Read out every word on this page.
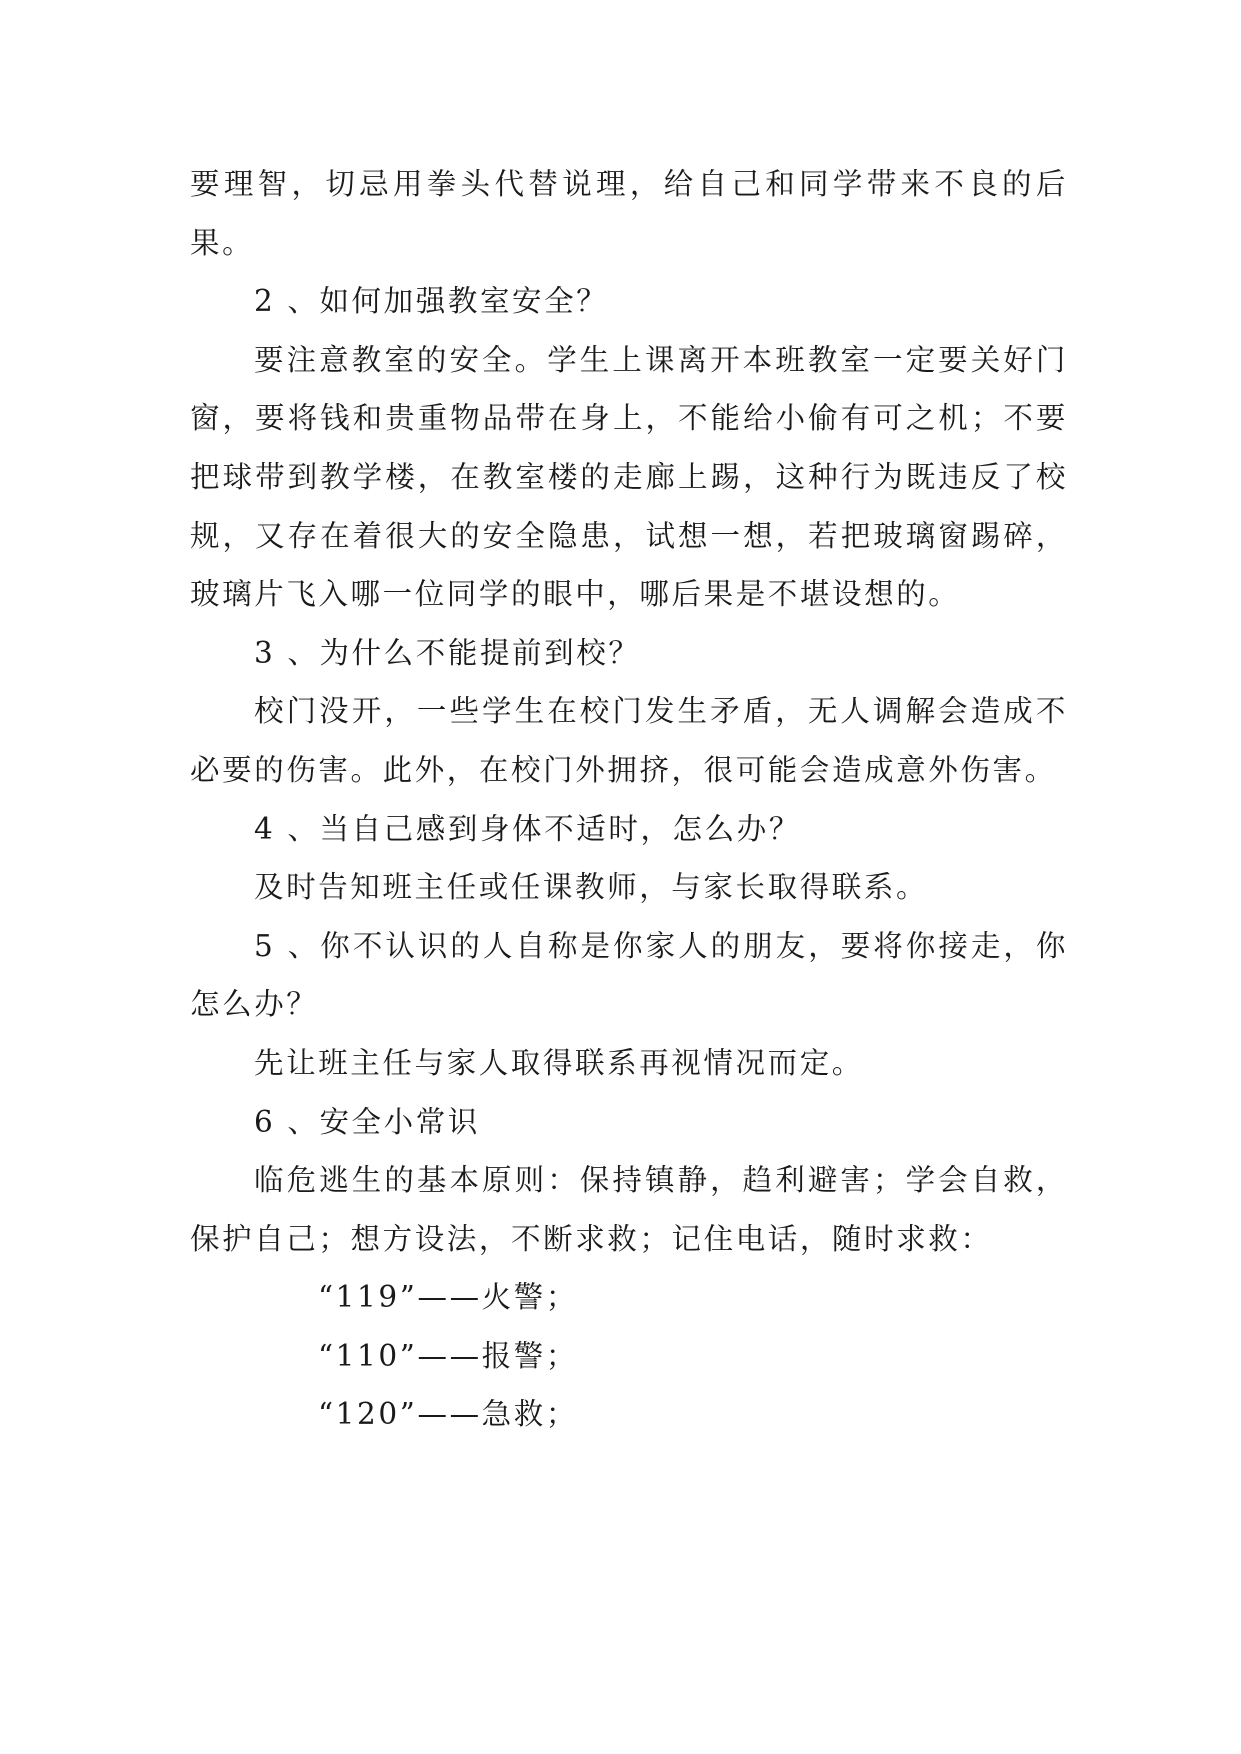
要理智，切忌用拳头代替说理，给自己和同学带来不良的后果。

2 、如何加强教室安全？

要注意教室的安全。学生上课离开本班教室一定要关好门窗，要将钱和贵重物品带在身上，不能给小偷有可之机；不要把球带到教学楼，在教室楼的走廊上踢，这种行为既违反了校规，又存在着很大的安全隐患，试想一想，若把玻璃窗踢碎，玻璃片飞入哪一位同学的眼中，哪后果是不堪设想的。

3 、为什么不能提前到校？

校门没开，一些学生在校门发生矛盾，无人调解会造成不必要的伤害。此外，在校门外拥挤，很可能会造成意外伤害。

4 、当自己感到身体不适时，怎么办？

及时告知班主任或任课教师，与家长取得联系。

5 、你不认识的人自称是你家人的朋友，要将你接走，你怎么办？

先让班主任与家人取得联系再视情况而定。

6 、安全小常识

临危逃生的基本原则：保持镇静，趋利避害；学会自救，保护自己；想方设法，不断求救；记住电话，随时求救：

“119”——火警；

“110”——报警；

“120”——急救；
